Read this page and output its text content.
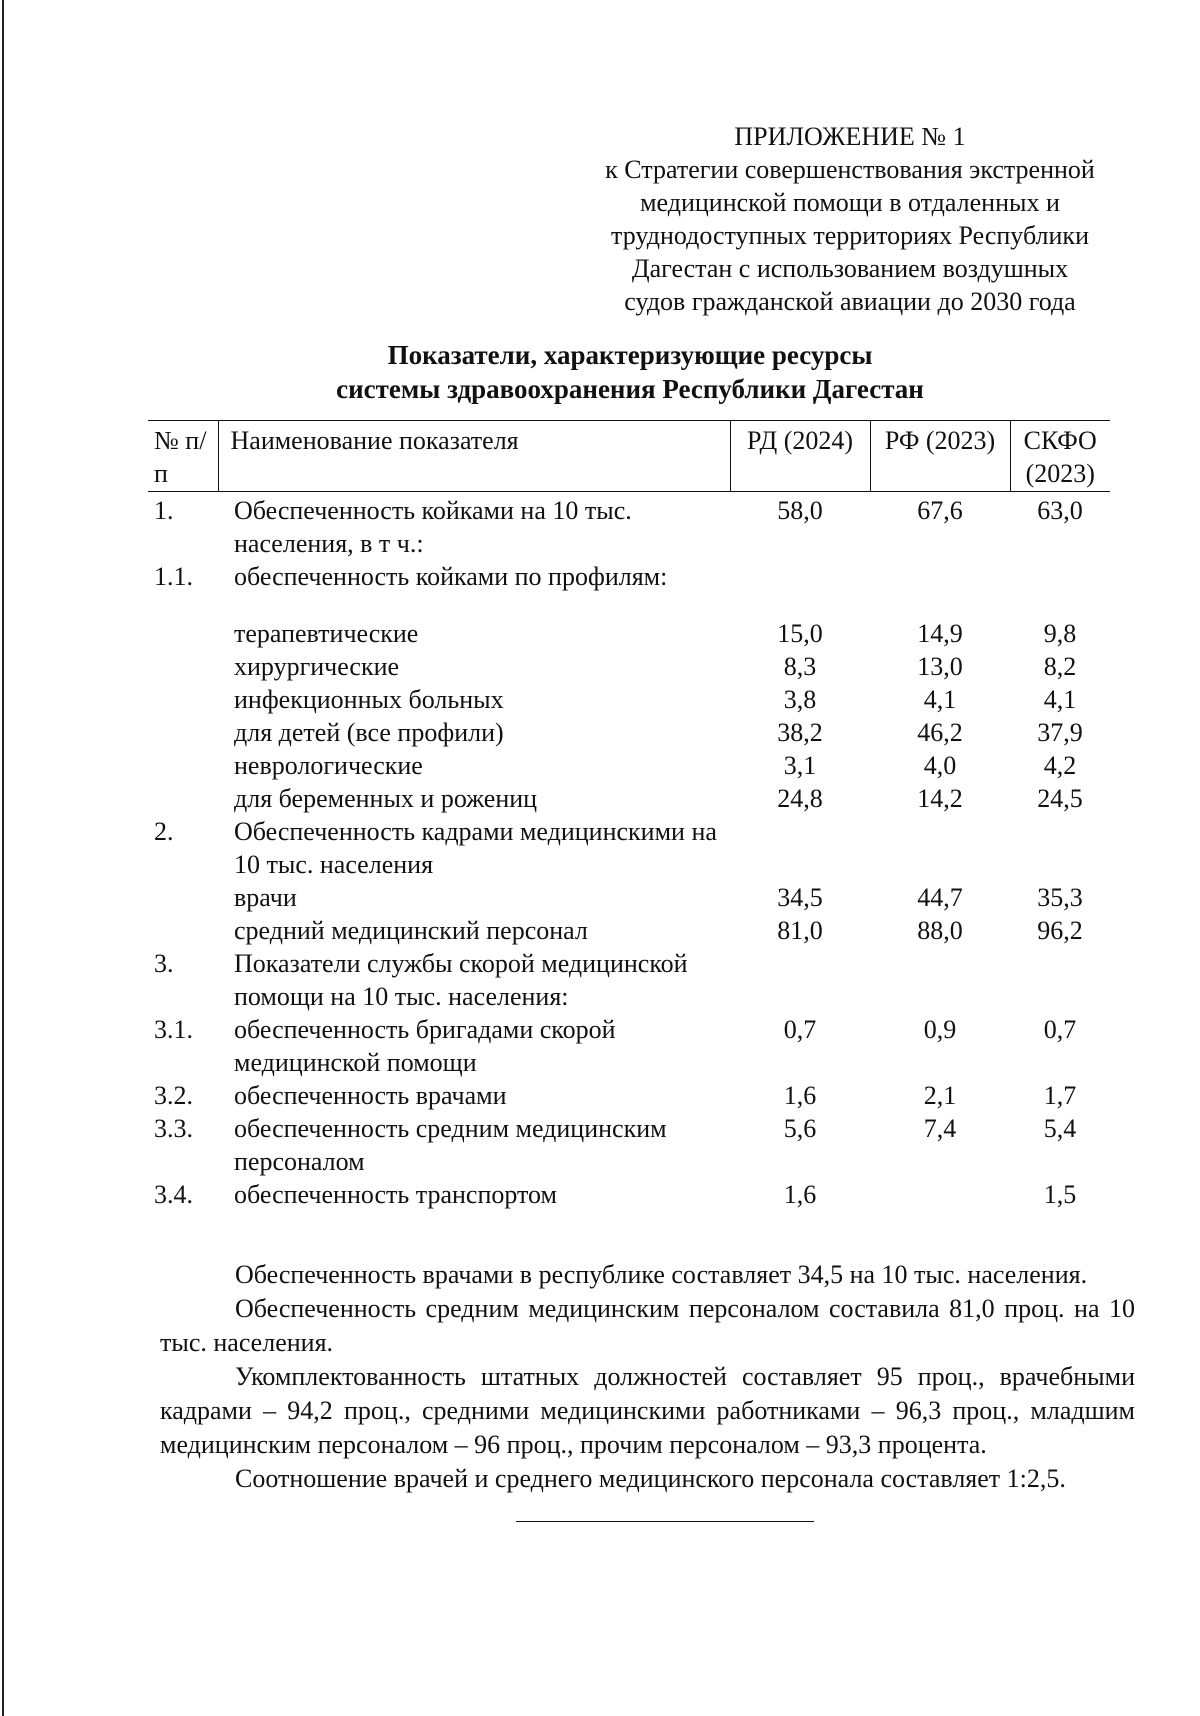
ПРИЛОЖЕНИЕ № 1
к Стратегии совершенствования экстренной
медицинской помощи в отдаленных и
труднодоступных территориях Республики
Дагестан с использованием воздушных
судов гражданской авиации до 2030 года
Показатели, характеризующие ресурсы
системы здравоохранения Республики Дагестан
№ п/п	Наименование показателя	РД (2024)	РФ (2023)	СКФО (2023)
1.	Обеспеченность койками на 10 тыс. населения, в т ч.:	58,0	67,6	63,0
1.1.	обеспеченность койками по профилям:			
	терапевтические	15,0	14,9	9,8
	хирургические	8,3	13,0	8,2
	инфекционных больных	3,8	4,1	4,1
	для детей (все профили)	38,2	46,2	37,9
	неврологические	3,1	4,0	4,2
	для беременных и рожениц	24,8	14,2	24,5
2.	Обеспеченность кадрами медицинскими на 10 тыс. населения			
	врачи	34,5	44,7	35,3
	средний медицинский персонал	81,0	88,0	96,2
3.	Показатели службы скорой медицинской помощи на 10 тыс. населения:			
3.1.	обеспеченность бригадами скорой медицинской помощи	0,7	0,9	0,7
3.2.	обеспеченность врачами	1,6	2,1	1,7
3.3.	обеспеченность средним медицинским персоналом	5,6	7,4	5,4
3.4.	обеспеченность транспортом	1,6		1,5

Обеспеченность врачами в республике составляет 34,5 на 10 тыс. населения.

Обеспеченность средним медицинским персоналом составила 81,0 проц. на 10 тыс. населения.

Укомплектованность штатных должностей составляет 95 проц., врачебными кадрами – 94,2 проц., средними медицинскими работниками – 96,3 проц., младшим медицинским персоналом – 96 проц., прочим персоналом – 93,3 процента.

Соотношение врачей и среднего медицинского персонала составляет 1:2,5.
